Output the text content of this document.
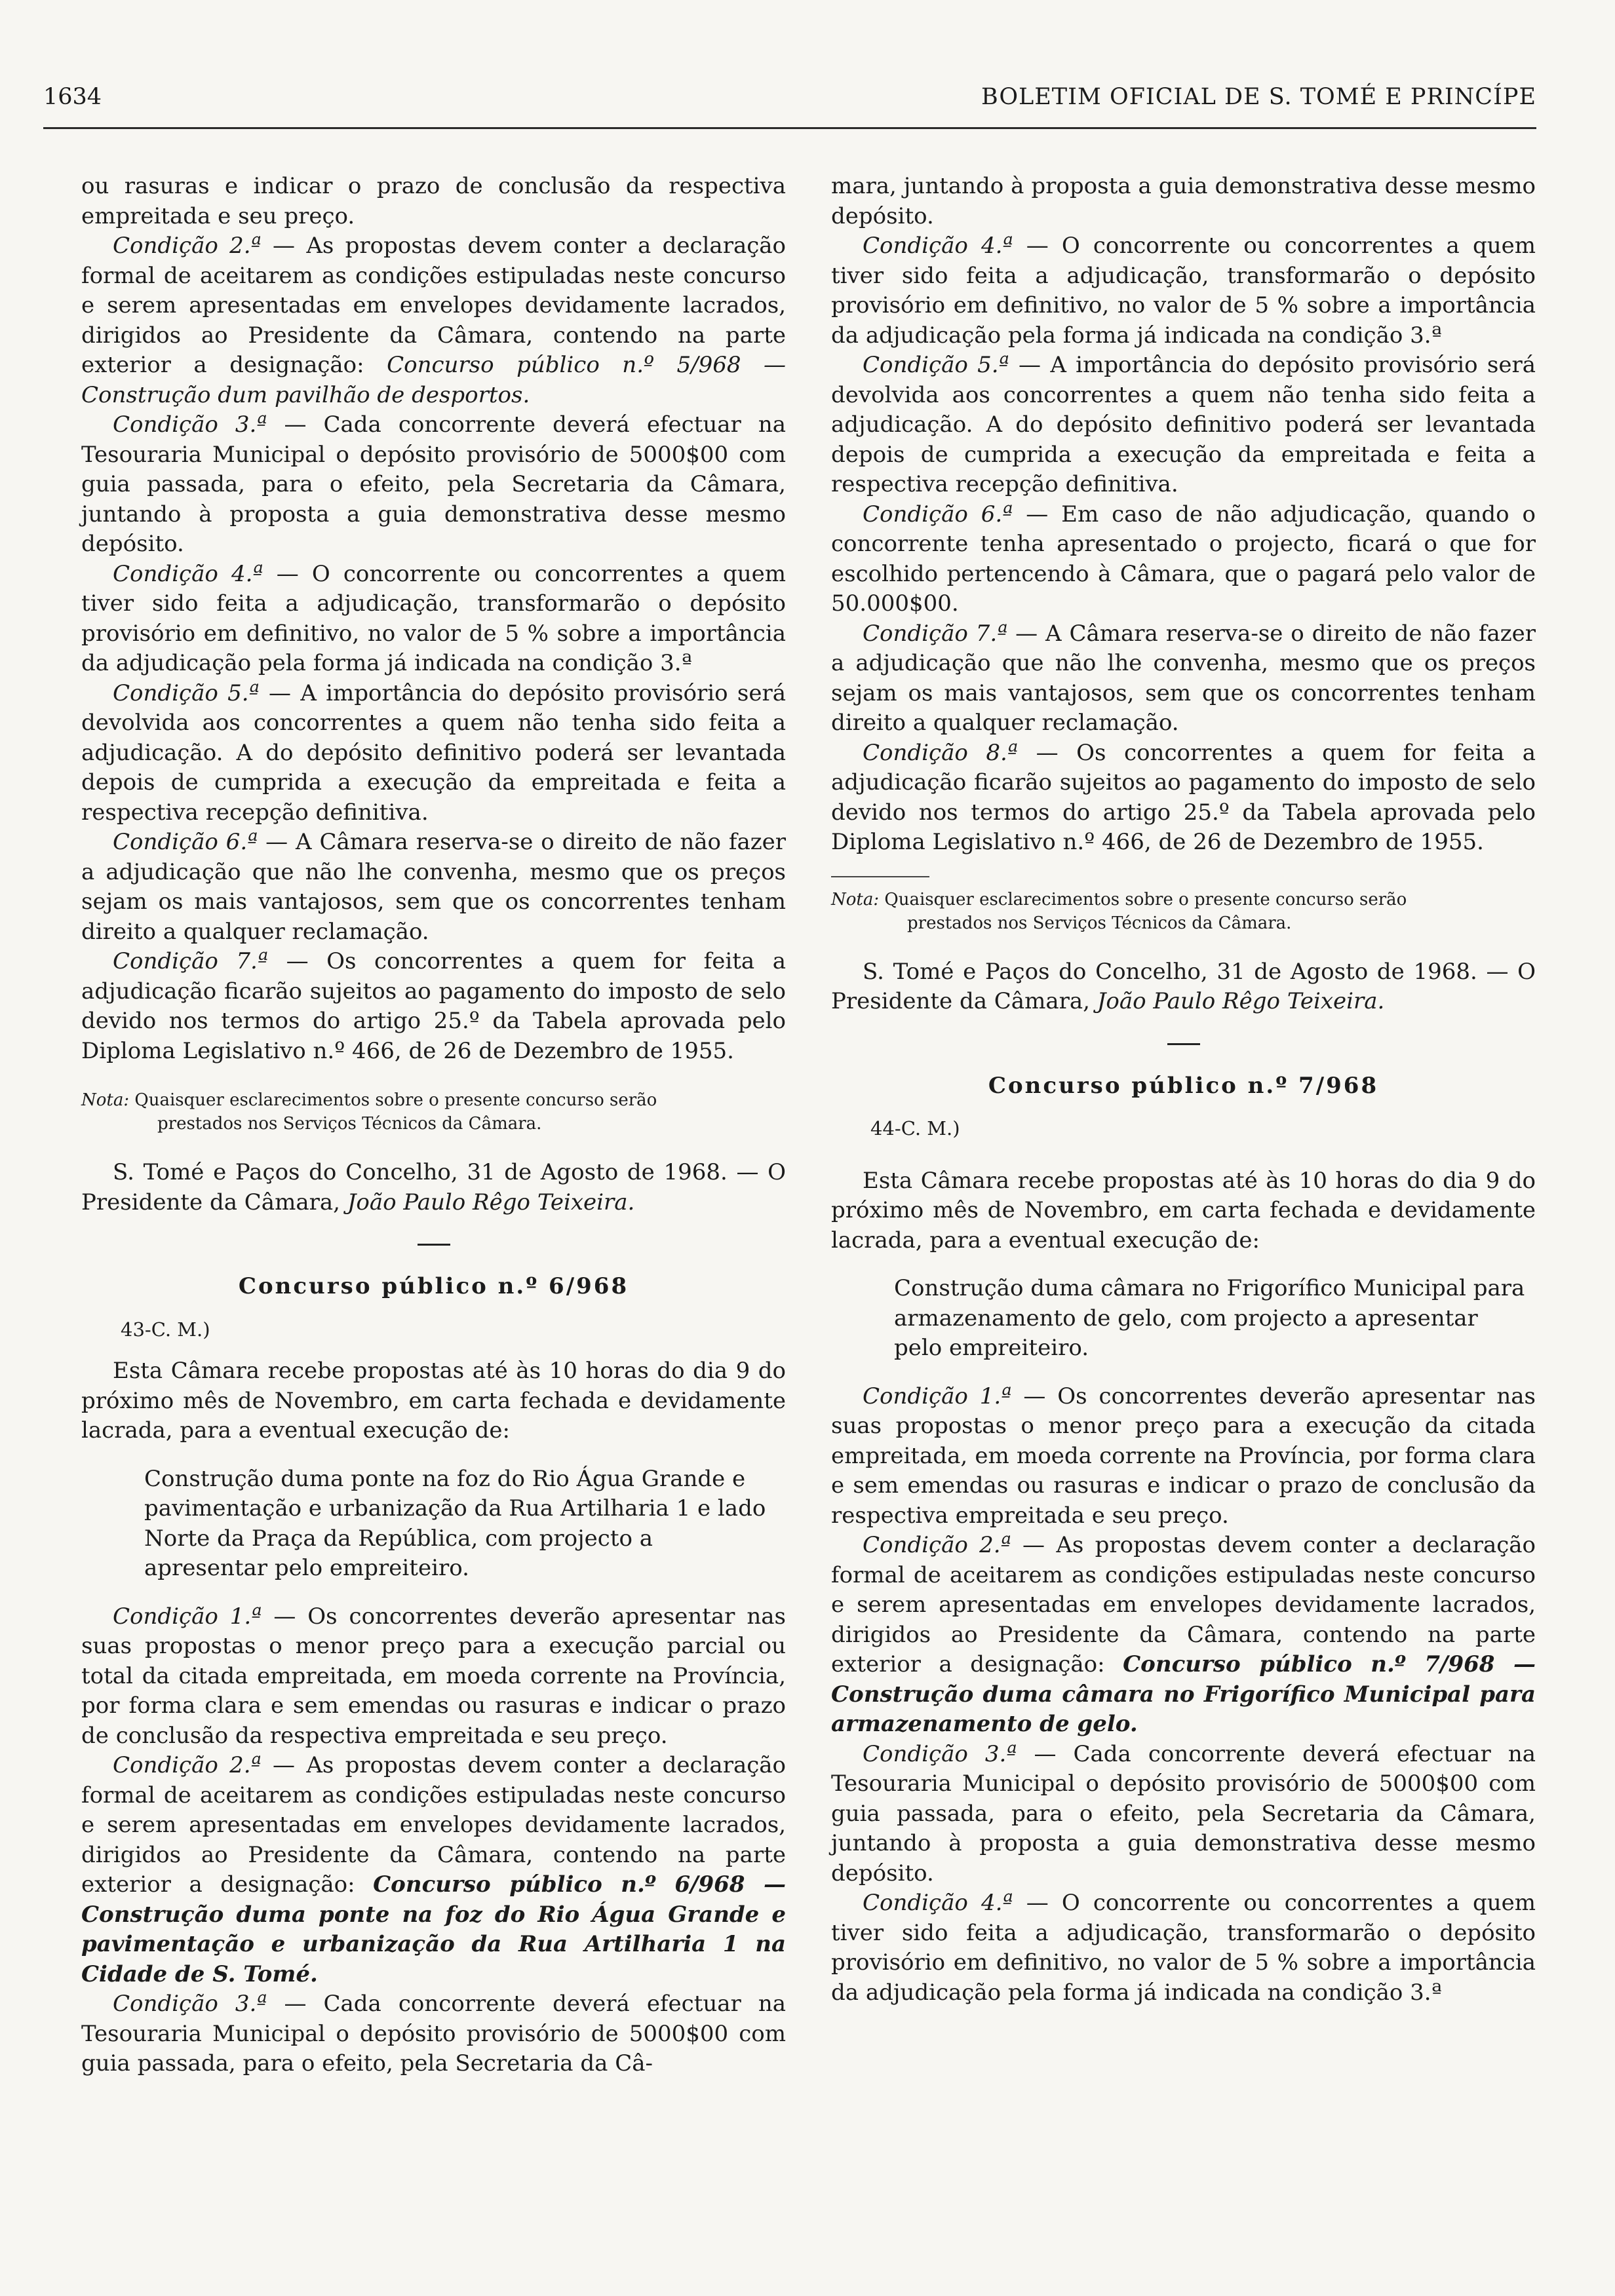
1634	BOLETIM OFICIAL DE S. TOMÉ E PRINCÍPE

ou rasuras e indicar o prazo de conclusão da respectiva empreitada e seu preço.

Condição 2.ª — As propostas devem conter a declaração formal de aceitarem as condições estipuladas neste concurso e serem apresentadas em envelopes devidamente lacrados, dirigidos ao Presidente da Câmara, contendo na parte exterior a designação: Concurso público n.º 5/968 — Construção dum pavilhão de desportos.

Condição 3.ª — Cada concorrente deverá efectuar na Tesouraria Municipal o depósito provisório de 5000$00 com guia passada, para o efeito, pela Secretaria da Câmara, juntando à proposta a guia demonstrativa desse mesmo depósito.

Condição 4.ª — O concorrente ou concorrentes a quem tiver sido feita a adjudicação, transformarão o depósito provisório em definitivo, no valor de 5 % sobre a importância da adjudicação pela forma já indicada na condição 3.ª

Condição 5.ª — A importância do depósito provisório será devolvida aos concorrentes a quem não tenha sido feita a adjudicação. A do depósito definitivo poderá ser levantada depois de cumprida a execução da empreitada e feita a respectiva recepção definitiva.

Condição 6.ª — A Câmara reserva-se o direito de não fazer a adjudicação que não lhe convenha, mesmo que os preços sejam os mais vantajosos, sem que os concorrentes tenham direito a qualquer reclamação.

Condição 7.ª — Os concorrentes a quem for feita a adjudicação ficarão sujeitos ao pagamento do imposto de selo devido nos termos do artigo 25.º da Tabela aprovada pelo Diploma Legislativo n.º 466, de 26 de Dezembro de 1955.

Nota: Quaisquer esclarecimentos sobre o presente concurso serão
prestados nos Serviços Técnicos da Câmara.

S. Tomé e Paços do Concelho, 31 de Agosto de 1968. — O Presidente da Câmara, João Paulo Rêgo Teixeira.

Concurso público n.º 6/968

43-C. M.)

Esta Câmara recebe propostas até às 10 horas do dia 9 do próximo mês de Novembro, em carta fechada e devidamente lacrada, para a eventual execução de:

Construção duma ponte na foz do Rio Água Grande e pavimentação e urbanização da Rua Artilharia 1 e lado Norte da Praça da República, com projecto a apresentar pelo empreiteiro.

Condição 1.ª — Os concorrentes deverão apresentar nas suas propostas o menor preço para a execução parcial ou total da citada empreitada, em moeda corrente na Província, por forma clara e sem emendas ou rasuras e indicar o prazo de conclusão da respectiva empreitada e seu preço.

Condição 2.ª — As propostas devem conter a declaração formal de aceitarem as condições estipuladas neste concurso e serem apresentadas em envelopes devidamente lacrados, dirigidos ao Presidente da Câmara, contendo na parte exterior a designação: Concurso público n.º 6/968 — Construção duma ponte na foz do Rio Água Grande e pavimentação e urbanização da Rua Artilharia 1 na Cidade de S. Tomé.

Condição 3.ª — Cada concorrente deverá efectuar na Tesouraria Municipal o depósito provisório de 5000$00 com guia passada, para o efeito, pela Secretaria da Câ-

mara, juntando à proposta a guia demonstrativa desse mesmo depósito.

Condição 4.ª — O concorrente ou concorrentes a quem tiver sido feita a adjudicação, transformarão o depósito provisório em definitivo, no valor de 5 % sobre a importância da adjudicação pela forma já indicada na condição 3.ª

Condição 5.ª — A importância do depósito provisório será devolvida aos concorrentes a quem não tenha sido feita a adjudicação. A do depósito definitivo poderá ser levantada depois de cumprida a execução da empreitada e feita a respectiva recepção definitiva.

Condição 6.ª — Em caso de não adjudicação, quando o concorrente tenha apresentado o projecto, ficará o que for escolhido pertencendo à Câmara, que o pagará pelo valor de 50.000$00.

Condição 7.ª — A Câmara reserva-se o direito de não fazer a adjudicação que não lhe convenha, mesmo que os preços sejam os mais vantajosos, sem que os concorrentes tenham direito a qualquer reclamação.

Condição 8.ª — Os concorrentes a quem for feita a adjudicação ficarão sujeitos ao pagamento do imposto de selo devido nos termos do artigo 25.º da Tabela aprovada pelo Diploma Legislativo n.º 466, de 26 de Dezembro de 1955.

Nota: Quaisquer esclarecimentos sobre o presente concurso serão
prestados nos Serviços Técnicos da Câmara.

S. Tomé e Paços do Concelho, 31 de Agosto de 1968. — O Presidente da Câmara, João Paulo Rêgo Teixeira.

Concurso público n.º 7/968

44-C. M.)

Esta Câmara recebe propostas até às 10 horas do dia 9 do próximo mês de Novembro, em carta fechada e devidamente lacrada, para a eventual execução de:

Construção duma câmara no Frigorífico Municipal para armazenamento de gelo, com projecto a apresentar pelo empreiteiro.

Condição 1.ª — Os concorrentes deverão apresentar nas suas propostas o menor preço para a execução da citada empreitada, em moeda corrente na Província, por forma clara e sem emendas ou rasuras e indicar o prazo de conclusão da respectiva empreitada e seu preço.

Condição 2.ª — As propostas devem conter a declaração formal de aceitarem as condições estipuladas neste concurso e serem apresentadas em envelopes devidamente lacrados, dirigidos ao Presidente da Câmara, contendo na parte exterior a designação: Concurso público n.º 7/968 — Construção duma câmara no Frigorífico Municipal para armazenamento de gelo.

Condição 3.ª — Cada concorrente deverá efectuar na Tesouraria Municipal o depósito provisório de 5000$00 com guia passada, para o efeito, pela Secretaria da Câmara, juntando à proposta a guia demonstrativa desse mesmo depósito.

Condição 4.ª — O concorrente ou concorrentes a quem tiver sido feita a adjudicação, transformarão o depósito provisório em definitivo, no valor de 5 % sobre a importância da adjudicação pela forma já indicada na condição 3.ª
